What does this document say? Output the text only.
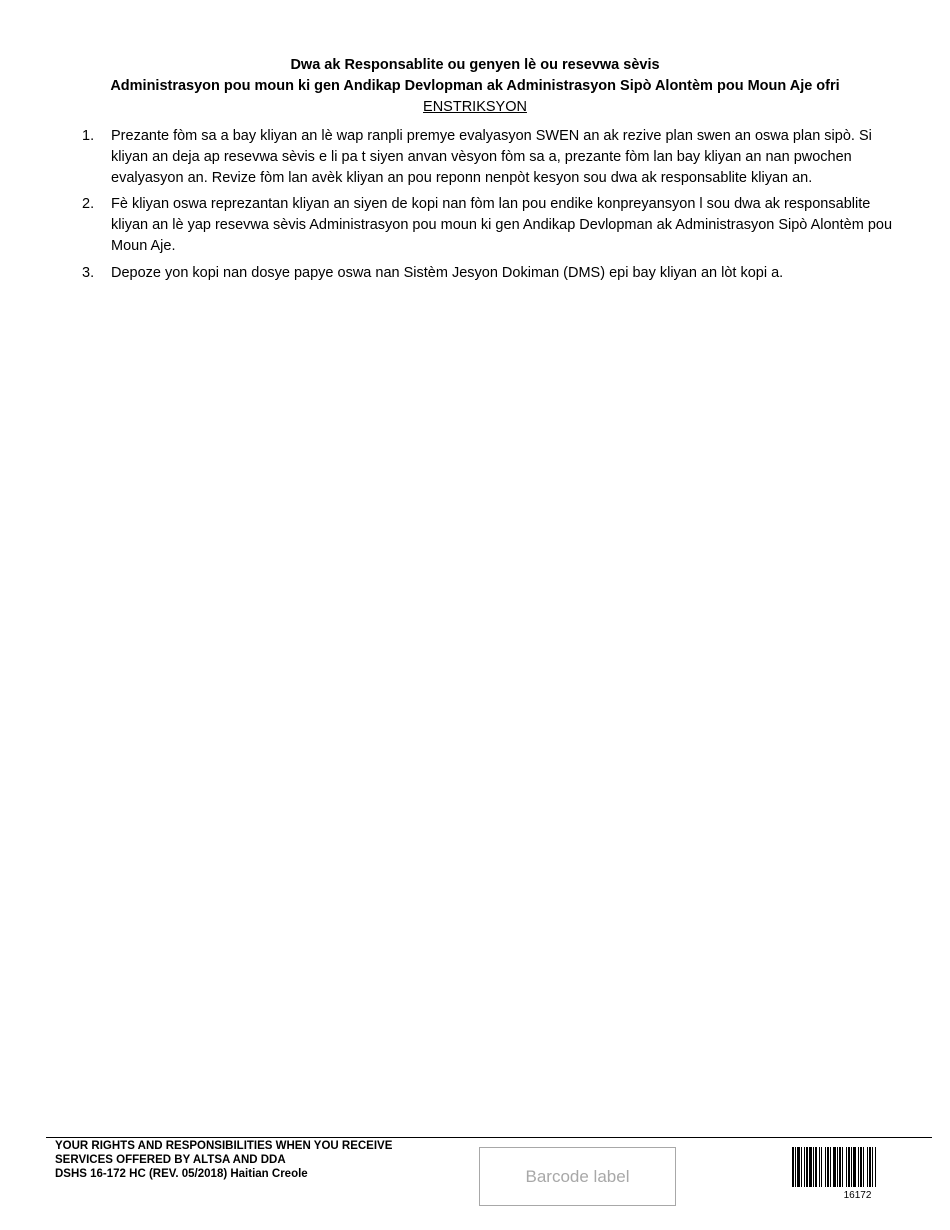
Dwa ak Responsablite ou genyen lè ou resevwa sèvis
Administrasyon pou moun ki gen Andikap Devlopman ak Administrasyon Sipò Alontèm pou Moun Aje ofri
ENSTRIKSYON
1.	Prezante fòm sa a bay kliyan an lè wap ranpli premye evalyasyon SWEN an ak rezive plan swen an oswa plan sipò. Si kliyan an deja ap resevwa sèvis e li pa t siyen anvan vèsyon fòm sa a, prezante fòm lan bay kliyan an nan pwochen evalyasyon an. Revize fòm lan avèk kliyan an pou reponn nenpòt kesyon sou dwa ak responsablite kliyan an.
2.	Fè kliyan oswa reprezantan kliyan an siyen de kopi nan fòm lan pou endike konpreyansyon l sou dwa ak responsablite kliyan an lè yap resevwa sèvis Administrasyon pou moun ki gen Andikap Devlopman ak Administrasyon Sipò Alontèm pou Moun Aje.
3.	Depoze yon kopi nan dosye papye oswa nan Sistèm Jesyon Dokiman (DMS) epi bay kliyan an lòt kopi a.
YOUR RIGHTS AND RESPONSIBILITIES WHEN YOU RECEIVE
SERVICES OFFERED BY ALTSA AND DDA
DSHS 16-172 HC (REV. 05/2018) Haitian Creole	Barcode label
16172
